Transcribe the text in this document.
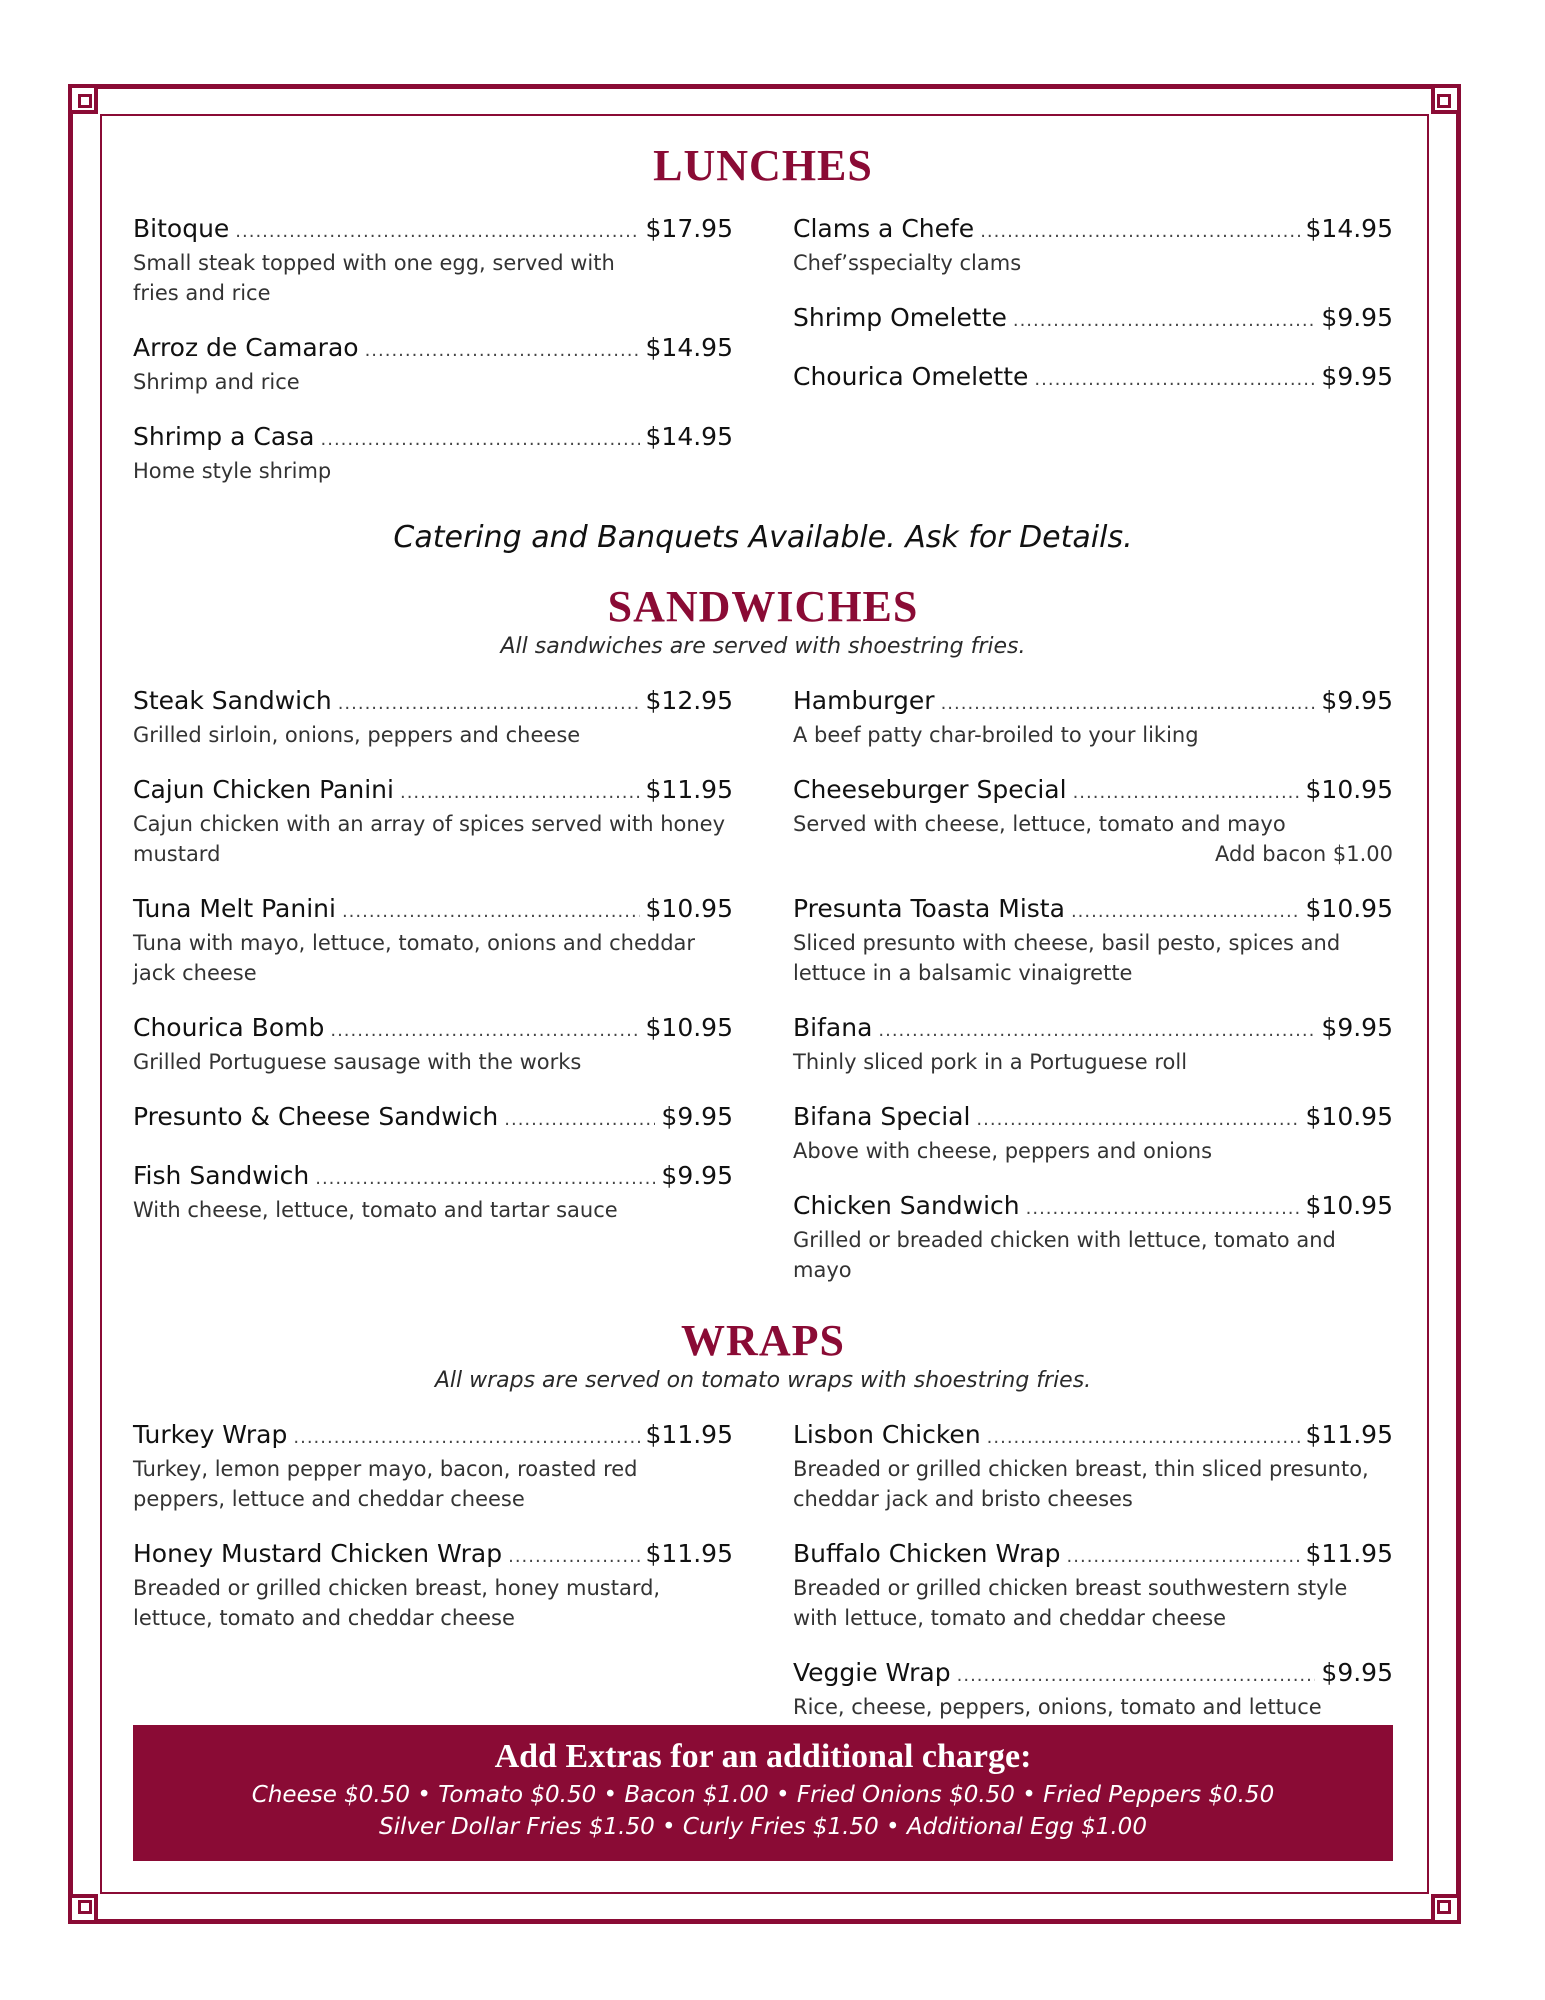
LUNCHES
Bitoque .....	$17.95
Small steak topped with one egg, served with fries and rice
Arroz de Camarao .....	$14.95
Shrimp and rice
Shrimp a Casa .....	$14.95
Home style shrimp
Clams a Chefe .....	$14.95
Chef’sspecialty clams
Shrimp Omelette .....	$9.95
Chourica Omelette .....	$9.95
Catering and Banquets Available. Ask for Details.
SANDWICHES
All sandwiches are served with shoestring fries.
Steak Sandwich .....	$12.95
Grilled sirloin, onions, peppers and cheese
Cajun Chicken Panini .....	$11.95
Cajun chicken with an array of spices served with honey mustard
Tuna Melt Panini .....	$10.95
Tuna with mayo, lettuce, tomato, onions and cheddar jack cheese
Chourica Bomb .....	$10.95
Grilled Portuguese sausage with the works
Presunto & Cheese Sandwich .....	$9.95
Fish Sandwich .....	$9.95
With cheese, lettuce, tomato and tartar sauce
Hamburger .....	$9.95
A beef patty char-broiled to your liking
Cheeseburger Special .....	$10.95
Served with cheese, lettuce, tomato and mayo
Add bacon $1.00
Presunta Toasta Mista .....	$10.95
Sliced presunto with cheese, basil pesto, spices and lettuce in a balsamic vinaigrette
Bifana .....	$9.95
Thinly sliced pork in a Portuguese roll
Bifana Special .....	$10.95
Above with cheese, peppers and onions
Chicken Sandwich .....	$10.95
Grilled or breaded chicken with lettuce, tomato and mayo
WRAPS
All wraps are served on tomato wraps with shoestring fries.
Turkey Wrap .....	$11.95
Turkey, lemon pepper mayo, bacon, roasted red peppers, lettuce and cheddar cheese
Honey Mustard Chicken Wrap .....	$11.95
Breaded or grilled chicken breast, honey mustard, lettuce, tomato and cheddar cheese
Lisbon Chicken .....	$11.95
Breaded or grilled chicken breast, thin sliced presunto, cheddar jack and bristo cheeses
Buffalo Chicken Wrap .....	$11.95
Breaded or grilled chicken breast southwestern style with lettuce, tomato and cheddar cheese
Veggie Wrap .....	$9.95
Rice, cheese, peppers, onions, tomato and lettuce
Add Extras for an additional charge:
Cheese $0.50 • Tomato $0.50 • Bacon $1.00 • Fried Onions $0.50 • Fried Peppers $0.50
Silver Dollar Fries $1.50 • Curly Fries $1.50 • Additional Egg $1.00
